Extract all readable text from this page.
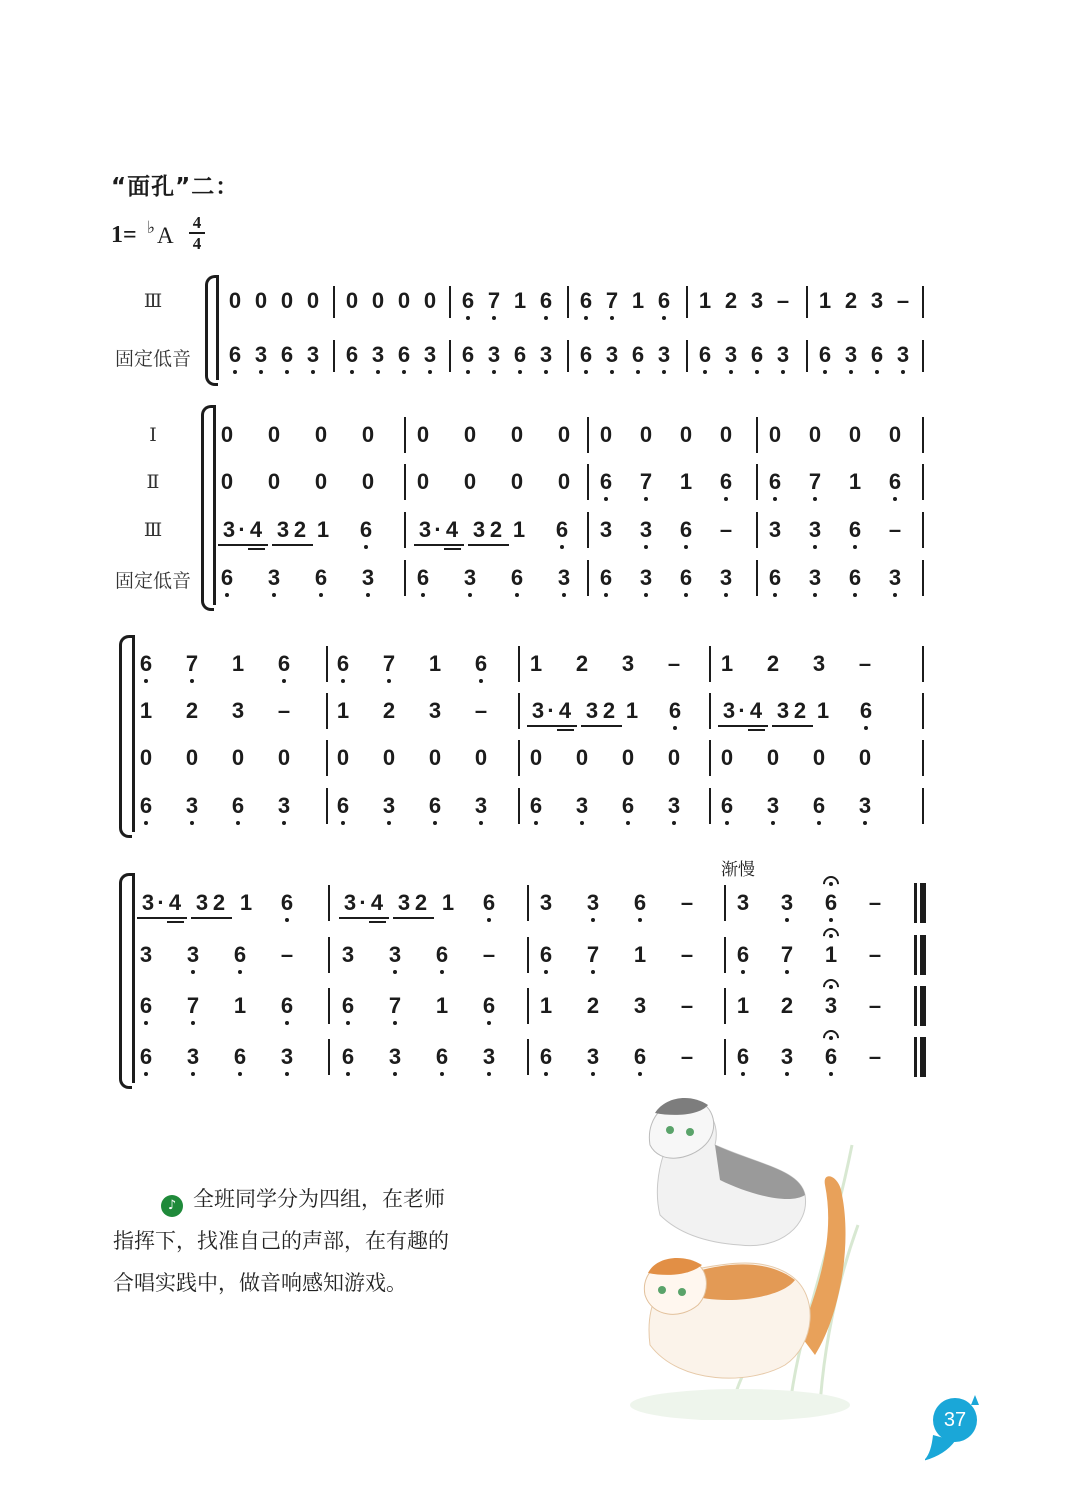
“面孔”二：
1= ♭ A
4
4
Ⅲ
固定低音
Ⅰ
Ⅱ
Ⅲ
固定低音
渐慢
0 0 0 0
6 3 6 3
0 0 0 0
6 3 6 3
6 7 1 6
6 3 6 3
6 7 1 6
6 3 6 3
1 2 3 –
6 3 6 3
1 2 3 –
6 3 6 3
0 0 0 0
0 0 0 0
3 · 4 3 2 1 6
6 3 6 3
0 0 0 0
0 0 0 0
3 · 4 3 2 1 6
6 3 6 3
0 0 0 0
6 7 1 6
3 3 6 –
6 3 6 3
0 0 0 0
6 7 1 6
3 3 6 –
6 3 6 3
6 7 1 6
1 2 3 –
0 0 0 0
6 3 6 3
6 7 1 6
1 2 3 –
0 0 0 0
6 3 6 3
1 2 3 –
3 · 4 3 2 1 6
0 0 0 0
6 3 6 3
1 2 3 –
3 · 4 3 2 1 6
0 0 0 0
6 3 6 3
3 · 4 3 2 1 6
3 3 6 –
6 7 1 6
6 3 6 3
3 · 4 3 2 1 6
3 3 6 –
6 7 1 6
6 3 6 3
3 3 6 –
6 7 1 –
1 2 3 –
6 3 6 –
3 3 6 –
6 7 1 –
1 2 3 –
6 3 6 –
♪ 全班同学分为四组，在老师
指挥下，找准自己的声部，在有趣的
合唱实践中，做音响感知游戏。
37
